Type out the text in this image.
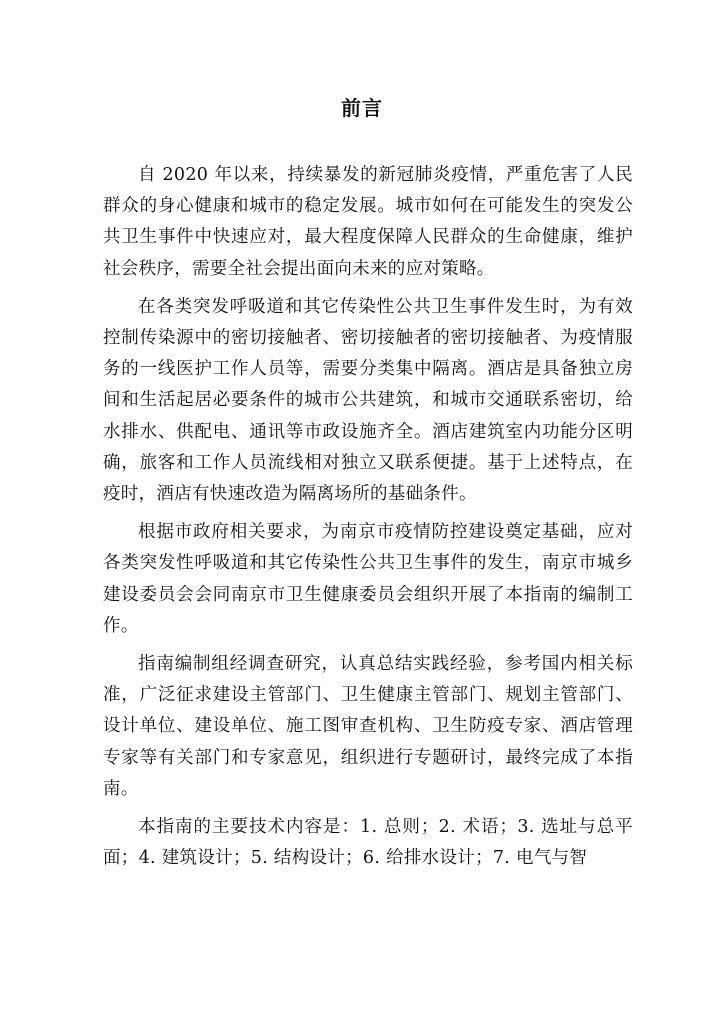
前言

自 2020 年以来，持续暴发的新冠肺炎疫情，严重危害了人民群众的身心健康和城市的稳定发展。城市如何在可能发生的突发公共卫生事件中快速应对，最大程度保障人民群众的生命健康，维护社会秩序，需要全社会提出面向未来的应对策略。

在各类突发呼吸道和其它传染性公共卫生事件发生时，为有效控制传染源中的密切接触者、密切接触者的密切接触者、为疫情服务的一线医护工作人员等，需要分类集中隔离。酒店是具备独立房间和生活起居必要条件的城市公共建筑，和城市交通联系密切，给水排水、供配电、通讯等市政设施齐全。酒店建筑室内功能分区明确，旅客和工作人员流线相对独立又联系便捷。基于上述特点，在疫时，酒店有快速改造为隔离场所的基础条件。

根据市政府相关要求，为南京市疫情防控建设奠定基础，应对各类突发性呼吸道和其它传染性公共卫生事件的发生，南京市城乡建设委员会会同南京市卫生健康委员会组织开展了本指南的编制工作。

指南编制组经调查研究，认真总结实践经验，参考国内相关标准，广泛征求建设主管部门、卫生健康主管部门、规划主管部门、设计单位、建设单位、施工图审查机构、卫生防疫专家、酒店管理专家等有关部门和专家意见，组织进行专题研讨，最终完成了本指南。

本指南的主要技术内容是：1. 总则；2. 术语；3. 选址与总平面；4. 建筑设计；5. 结构设计；6. 给排水设计；7. 电气与智
